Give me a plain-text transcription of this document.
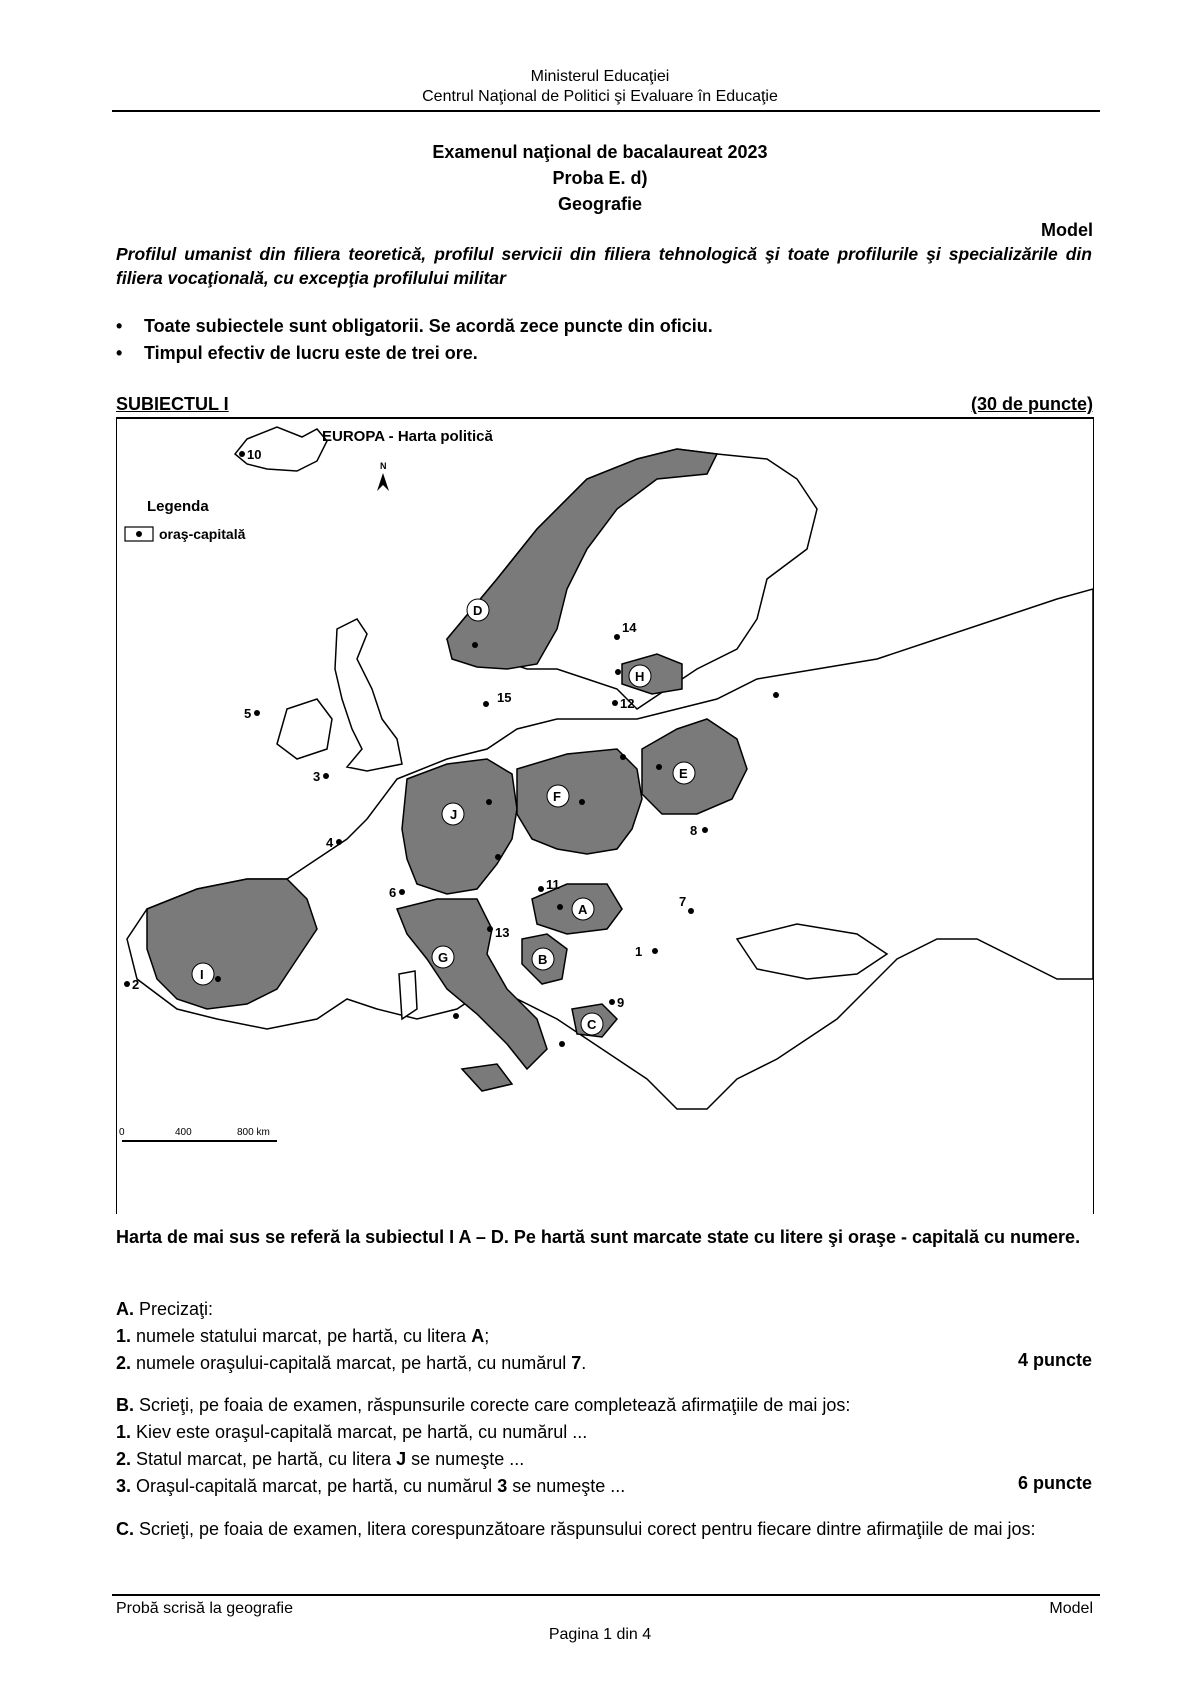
Ministerul Educaţiei
Centrul Naţional de Politici şi Evaluare în Educaţie
Examenul naţional de bacalaureat 2023
Proba E. d)
Geografie
Model
Profilul umanist din filiera teoretică, profilul servicii din filiera tehnologică şi toate profilurile şi specializările din filiera vocaţională, cu excepţia profilului militar
• Toate subiectele sunt obligatorii. Se acordă zece puncte din oficiu.
• Timpul efectiv de lucru este de trei ore.
SUBIECTUL I	(30 de puncte)
EUROPA - Harta politică
N
Legenda
oraş-capitală
0	400	800 km
A
B
C
D
E
F
G
H
I
J
1
2
3
4
5
6
7
8
9
10
11
12
13
14
15
Harta de mai sus se referă la subiectul I A – D. Pe hartă sunt marcate state cu litere şi oraşe - capitală cu numere.
A. Precizaţi:
1. numele statului marcat, pe hartă, cu litera A;
2. numele oraşului-capitală marcat, pe hartă, cu numărul 7.	4 puncte
B. Scrieţi, pe foaia de examen, răspunsurile corecte care completează afirmaţiile de mai jos:
1. Kiev este oraşul-capitală marcat, pe hartă, cu numărul ...
2. Statul marcat, pe hartă, cu litera J se numeşte ...
3. Oraşul-capitală marcat, pe hartă, cu numărul 3 se numeşte ...	6 puncte
C. Scrieţi, pe foaia de examen, litera corespunzătoare răspunsului corect pentru fiecare dintre afirmaţiile de mai jos:
Probă scrisă la geografie	Model
Pagina 1 din 4
